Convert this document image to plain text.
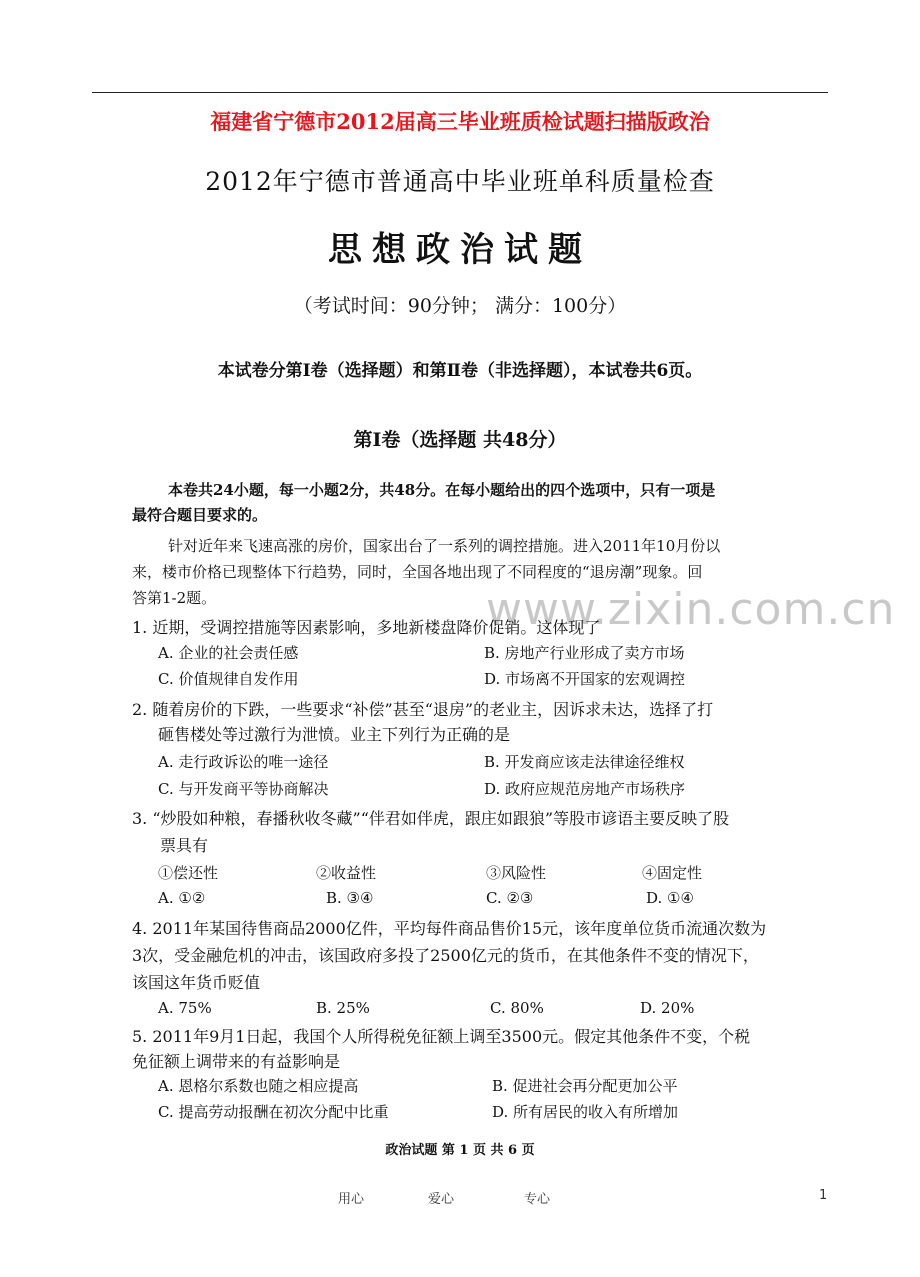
福建省宁德市2012届高三毕业班质检试题扫描版政治
2012年宁德市普通高中毕业班单科质量检查
思想政治试题
（考试时间：90分钟； 满分：100分）
本试卷分第Ⅰ卷（选择题）和第Ⅱ卷（非选择题），本试卷共6页。
第Ⅰ卷（选择题 共48分）
本卷共24小题，每一小题2分，共48分。在每小题给出的四个选项中，只有一项是
最符合题目要求的。
针对近年来飞速高涨的房价，国家出台了一系列的调控措施。进入2011年10月份以
来，楼市价格已现整体下行趋势，同时，全国各地出现了不同程度的“退房潮”现象。回
答第1-2题。	www.zixin.com.cn
1. 近期，受调控措施等因素影响，多地新楼盘降价促销。这体现了
A. 企业的社会责任感	B. 房地产行业形成了卖方市场
C. 价值规律自发作用	D. 市场离不开国家的宏观调控
2. 随着房价的下跌，一些要求“补偿”甚至“退房”的老业主，因诉求未达，选择了打
砸售楼处等过激行为泄愤。业主下列行为正确的是
A. 走行政诉讼的唯一途径	B. 开发商应该走法律途径维权
C. 与开发商平等协商解决	D. 政府应规范房地产市场秩序
3. “炒股如种粮，春播秋收冬藏”“伴君如伴虎，跟庄如跟狼”等股市谚语主要反映了股
票具有
①偿还性	②收益性	③风险性	④固定性
A. ①②	B. ③④	C. ②③	D. ①④
4. 2011年某国待售商品2000亿件，平均每件商品售价15元，该年度单位货币流通次数为
3次，受金融危机的冲击，该国政府多投了2500亿元的货币，在其他条件不变的情况下，
该国这年货币贬值
A. 75%	B. 25%	C. 80%	D. 20%
5. 2011年9月1日起，我国个人所得税免征额上调至3500元。假定其他条件不变，个税
免征额上调带来的有益影响是
A. 恩格尔系数也随之相应提高	B. 促进社会再分配更加公平
C. 提高劳动报酬在初次分配中比重	D. 所有居民的收入有所增加
政治试题 第 1 页 共 6 页
用心	爱心	专心	1
